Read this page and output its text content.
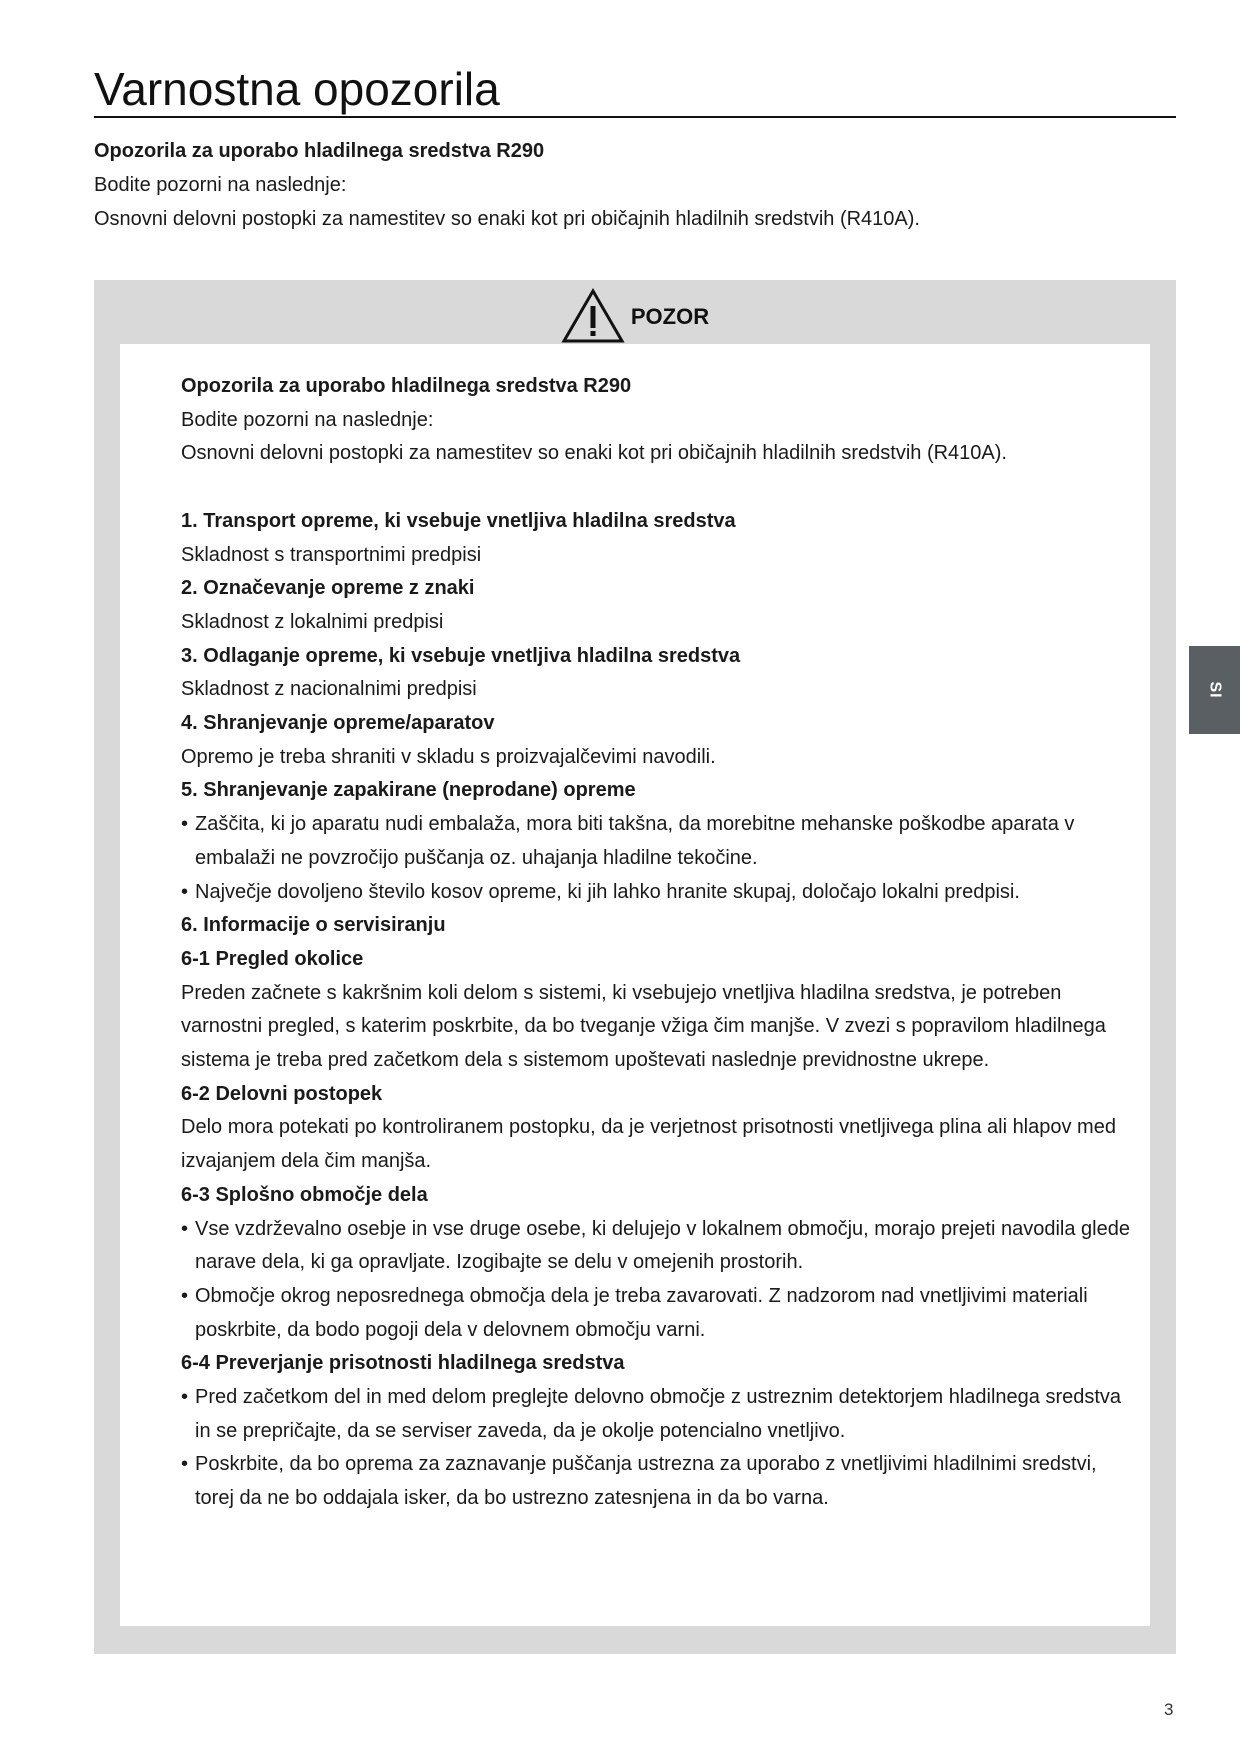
Varnostna opozorila

Opozorila za uporabo hladilnega sredstva R290

Bodite pozorni na naslednje:

Osnovni delovni postopki za namestitev so enaki kot pri običajnih hladilnih sredstvih (R410A).

POZOR

Opozorila za uporabo hladilnega sredstva R290

Bodite pozorni na naslednje:

Osnovni delovni postopki za namestitev so enaki kot pri običajnih hladilnih sredstvih (R410A).

1. Transport opreme, ki vsebuje vnetljiva hladilna sredstva

Skladnost s transportnimi predpisi

2. Označevanje opreme z znaki

Skladnost z lokalnimi predpisi

3. Odlaganje opreme, ki vsebuje vnetljiva hladilna sredstva

Skladnost z nacionalnimi predpisi

4. Shranjevanje opreme/aparatov

Opremo je treba shraniti v skladu s proizvajalčevimi navodili.

5. Shranjevanje zapakirane (neprodane) opreme

• Zaščita, ki jo aparatu nudi embalaža, mora biti takšna, da morebitne mehanske poškodbe aparata v embalaži ne povzročijo puščanja oz. uhajanja hladilne tekočine.

• Največje dovoljeno število kosov opreme, ki jih lahko hranite skupaj, določajo lokalni predpisi.

6. Informacije o servisiranju

6-1 Pregled okolice

Preden začnete s kakršnim koli delom s sistemi, ki vsebujejo vnetljiva hladilna sredstva, je potreben varnostni pregled, s katerim poskrbite, da bo tveganje vžiga čim manjše. V zvezi s popravilom hladilnega sistema je treba pred začetkom dela s sistemom upoštevati naslednje previdnostne ukrepe.

6-2 Delovni postopek

Delo mora potekati po kontroliranem postopku, da je verjetnost prisotnosti vnetljivega plina ali hlapov med izvajanjem dela čim manjša.

6-3 Splošno območje dela

• Vse vzdrževalno osebje in vse druge osebe, ki delujejo v lokalnem območju, morajo prejeti navodila glede narave dela, ki ga opravljate. Izogibajte se delu v omejenih prostorih.

• Območje okrog neposrednega območja dela je treba zavarovati. Z nadzorom nad vnetljivimi materiali poskrbite, da bodo pogoji dela v delovnem območju varni.

6-4 Preverjanje prisotnosti hladilnega sredstva

• Pred začetkom del in med delom preglejte delovno območje z ustreznim detektorjem hladilnega sredstva in se prepričajte, da se serviser zaveda, da je okolje potencialno vnetljivo.

• Poskrbite, da bo oprema za zaznavanje puščanja ustrezna za uporabo z vnetljivimi hladilnimi sredstvi, torej da ne bo oddajala isker, da bo ustrezno zatesnjena in da bo varna.

SI
3
